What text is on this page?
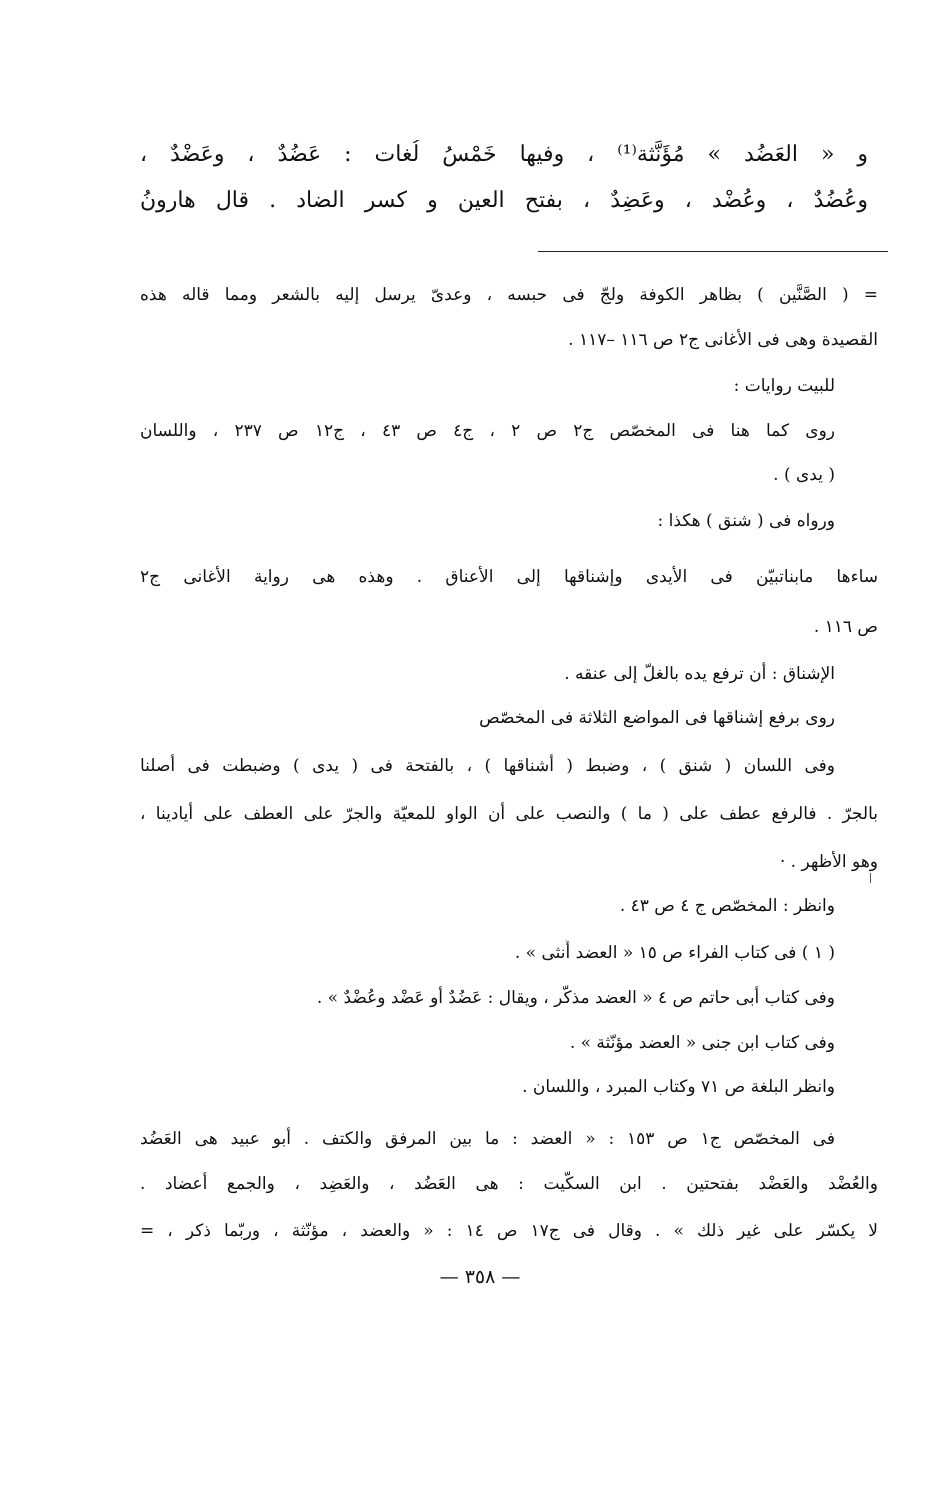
و « العَضُد » مُؤَنَّثة⁽¹⁾ ، وفيها خَمْسُ لُغات : عَضُدٌ ، وعَضْدٌ ،
وعُضُدٌ ، وعُضْد ، وعَضِدٌ ، بفتح العين و كسر الضاد . قال هارونُ
= ( الصَّنَّين ) بظاهر الكوفة ولجّ فى حبسه ، وعدىّ يرسل إليه بالشعر ومما قاله هذه
القصيدة وهى فى الأغانى ج٢ ص ١١٦ –١١٧ .
للبيت روايات :
روى كما هنا فى المخصّص ج٢ ص ٢ ، ج٤ ص ٤٣ ، ج١٢ ص ٢٣٧ ، واللسان
( يدى ) .
ورواه فى ( شنق ) هكذا :
ساءها مابناتبيّن فى الأيدى وإشناقها إلى الأعناق . وهذه هى رواية الأغانى ج٢
ص ١١٦ .
الإشناق : أن ترفع يده بالغلّ إلى عنقه .
روى برفع إشناقها فى المواضع الثلاثة فى المخصّص
وفى اللسان ( شنق ) ، وضبط ( أشناقها ) ، بالفتحة فى ( يدى ) وضبطت فى أصلنا
بالجرّ . فالرفع عطف على ( ما ) والنصب على أن الواو للمعيّة والجرّ على العطف على أيادينا ،
وهو الأظهر . ·
وانظر : المخصّص ج ٤ ص ٤٣ .
( ١ ) فى كتاب الفراء ص ١٥ « العضد أُنثى » .
وفى كتاب أبى حاتم ص ٤ « العضد مذكّر ، ويقال : عَضُدٌ أو عَضْد وعُضْدٌ » .
وفى كتاب ابن جنى « العضد مؤنّثة » .
وانظر البلغة ص ٧١ وكتاب المبرد ، واللسان .
فى المخصّص ج١ ص ١٥٣ : « العضد : ما بين المرفق والكتف . أبو عبيد هى العَضُد
والعُضْد والعَضْد بفتحتين . ابن السكّيت : هى العَضُد ، والعَضِد ، والجمع أعضاد .
لا يكسّر على غير ذلك » . وقال فى ج١٧ ص ١٤ : « والعضد ، مؤنّثة ، وربّما ذكر ، =
— ٣٥٨ —
